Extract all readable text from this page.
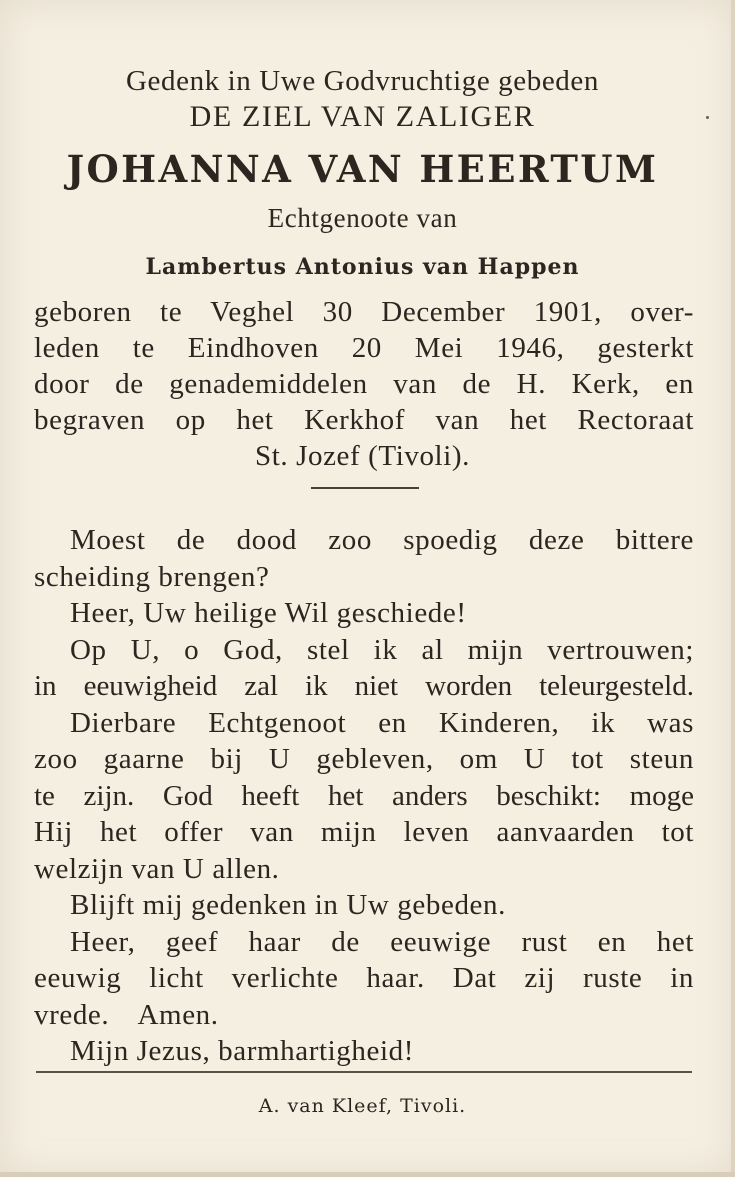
Gedenk in Uwe Godvruchtige gebeden
DE ZIEL VAN ZALIGER
JOHANNA VAN HEERTUM
Echtgenoote van
Lambertus Antonius van Happen
geboren te Veghel 30 December 1901, over-
leden te Eindhoven 20 Mei 1946, gesterkt
door de genademiddelen van de H. Kerk, en
begraven op het Kerkhof van het Rectoraat
St. Jozef (Tivoli).
Moest de dood zoo spoedig deze bittere
scheiding brengen?
Heer, Uw heilige Wil geschiede!
Op U, o God, stel ik al mijn vertrouwen;
in eeuwigheid zal ik niet worden teleurgesteld.
Dierbare Echtgenoot en Kinderen, ik was
zoo gaarne bij U gebleven, om U tot steun
te zijn. God heeft het anders beschikt: moge
Hij het offer van mijn leven aanvaarden tot
welzijn van U allen.
Blijft mij gedenken in Uw gebeden.
Heer, geef haar de eeuwige rust en het
eeuwig licht verlichte haar. Dat zij ruste in
vrede. Amen.
Mijn Jezus, barmhartigheid!
A. van Kleef, Tivoli.
